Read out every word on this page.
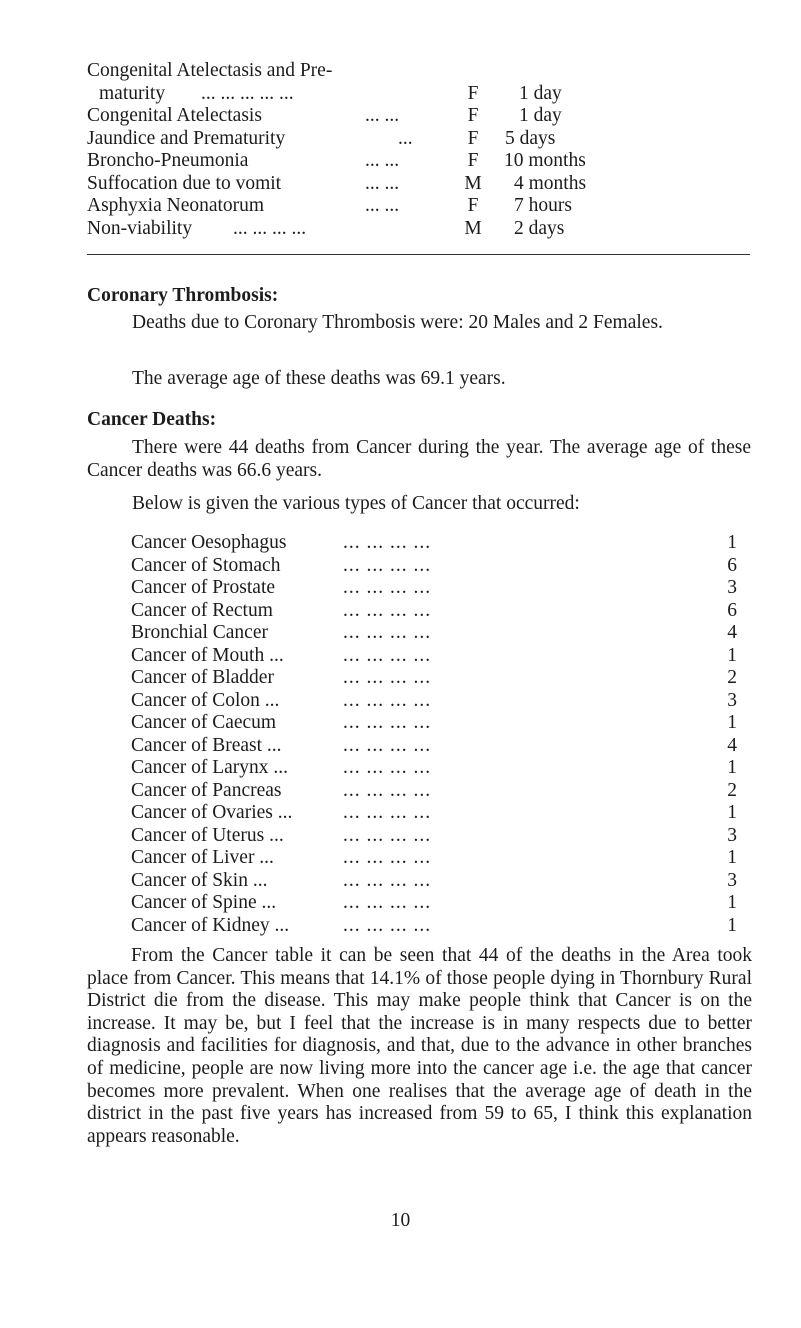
Congenital Atelectasis and Pre-
maturity ... ... ... ... ...	F 1 day
Congenital Atelectasis	... ...	F 1 day
Jaundice and Prematurity	...	F 5 days
Broncho-Pneumonia	... ...	F 10 months
Suffocation due to vomit	... ...	M 4 months
Asphyxia Neonatorum	... ...	F 7 hours
Non-viability ... ... ... ...	M 2 days
Coronary Thrombosis:
Deaths due to Coronary Thrombosis were: 20 Males and 2 Females.
The average age of these deaths was 69.1 years.
Cancer Deaths:
There were 44 deaths from Cancer during the year. The average age of these Cancer deaths was 66.6 years.
Below is given the various types of Cancer that occurred:
Cancer Oesophagus	... ... ... ...	1
Cancer of Stomach	... ... ... ...	6
Cancer of Prostate	... ... ... ...	3
Cancer of Rectum	... ... ... ...	6
Bronchial Cancer	... ... ... ...	4
Cancer of Mouth ...	... ... ... ...	1
Cancer of Bladder	... ... ... ...	2
Cancer of Colon ...	... ... ... ...	3
Cancer of Caecum	... ... ... ...	1
Cancer of Breast ...	... ... ... ...	4
Cancer of Larynx ...	... ... ... ...	1
Cancer of Pancreas	... ... ... ...	2
Cancer of Ovaries ...	... ... ... ...	1
Cancer of Uterus ...	... ... ... ...	3
Cancer of Liver ...	... ... ... ...	1
Cancer of Skin ...	... ... ... ...	3
Cancer of Spine ...	... ... ... ...	1
Cancer of Kidney ...	... ... ... ...	1
From the Cancer table it can be seen that 44 of the deaths in the Area took place from Cancer. This means that 14.1% of those people dying in Thornbury Rural District die from the disease. This may make people think that Cancer is on the increase. It may be, but I feel that the increase is in many respects due to better diagnosis and facilities for diagnosis, and that, due to the advance in other branches of medicine, people are now living more into the cancer age i.e. the age that cancer becomes more prevalent. When one realises that the average age of death in the district in the past five years has increased from 59 to 65, I think this explanation appears reasonable.
10
